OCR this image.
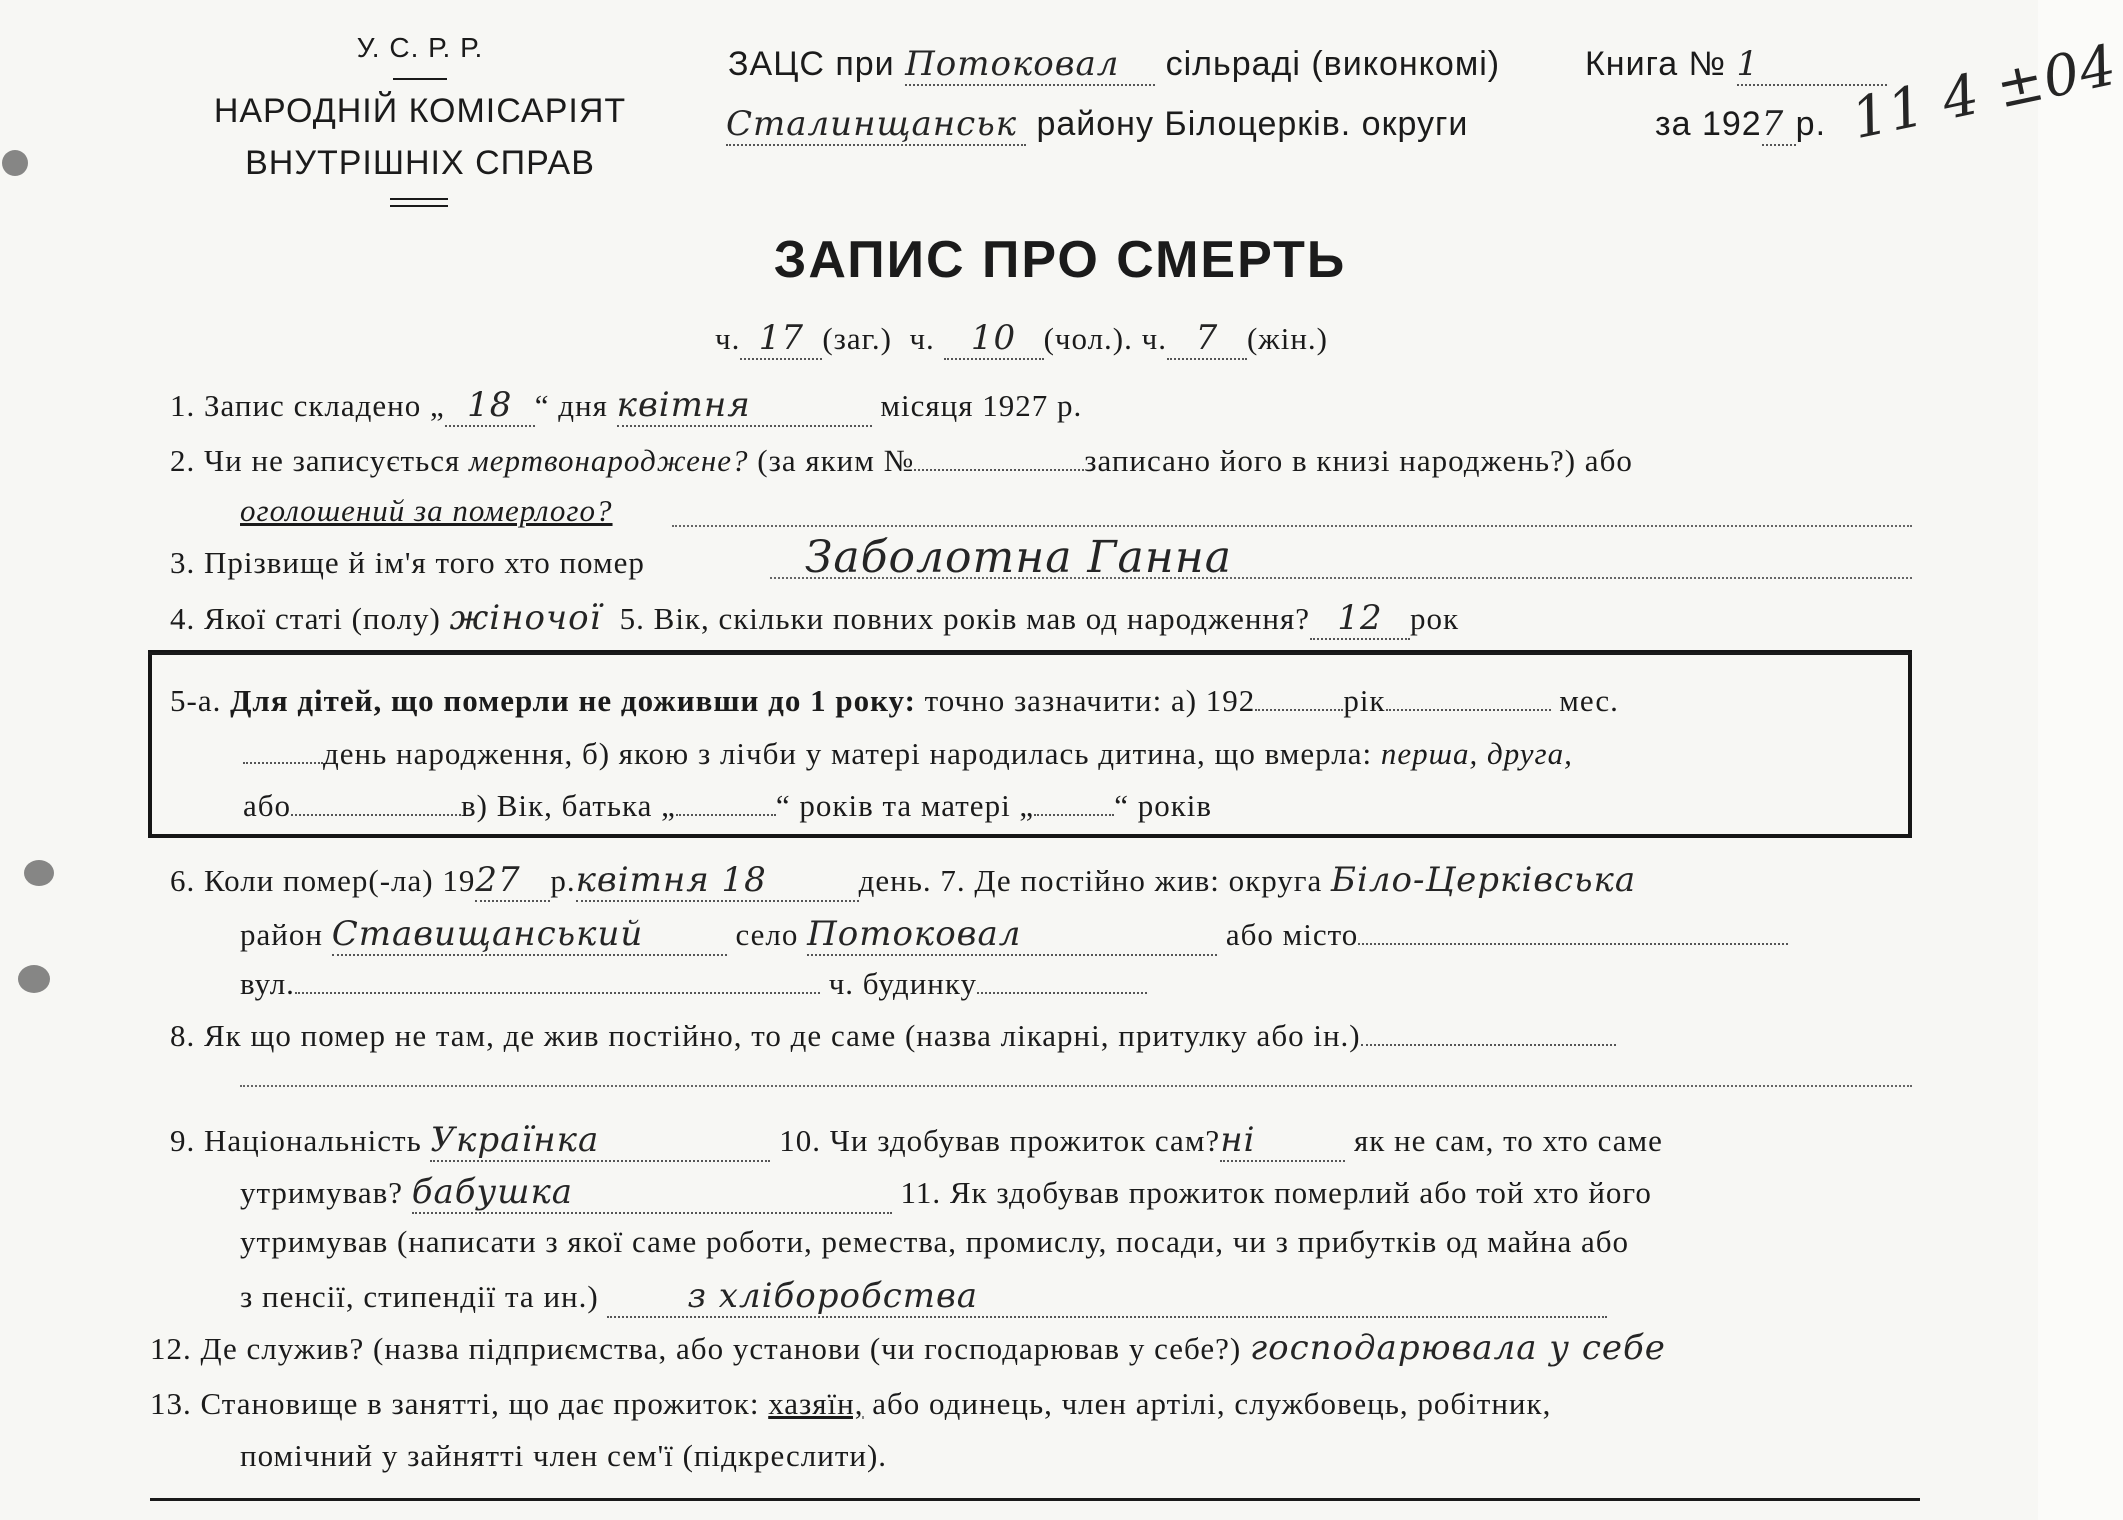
У. С. Р. Р.
НАРОДНІЙ КОМІСАРІЯТ
ВНУТРІШНІХ СПРАВ
ЗАЦС при Потоковал сільраді (виконкомі)
Сталинщанськ району Білоцерків. округи
Книга № 1
за 1927 р. 11 4 ±04
ЗАПИС ПРО СМЕРТЬ
ч. 17 (заг.) ч. 10 (чол.). ч. 7 (жін.)
1. Запис складено „ 18 “ дня квітня	місяця 1927 р.
2. Чи не записується мертвонароджене? (за яким №	записано його в книзі народжень?) або
оголошений за померлого?
3. Прізвище й ім'я того хто помер	Заболотна Ганна
4. Якої статі (полу) жіночої 5. Вік, скільки повних років мав од народження? 12 рок
5-а. Для дітей, що померли не доживши до 1 року: точно зазначити: а) 192	рік	мес.
день народження, б) якою з лічби у матері народилась дитина, що вмерла: перша, друга,
або	в) Вік, батька „	“ років та матері „	“ років
6. Коли помер(-ла) 1927 р.квітня 18	день. 7. Де постійно жив: округа Біло-Церківська
район Ставищанський	село Потоковал	або місто
вул.	ч. будинку
8. Як що помер не там, де жив постійно, то де саме (назва лікарні, притулку або ін.)
9. Національність Українка	10. Чи здобував прожиток сам?ні	як не сам, то хто саме
утримував? бабушка	11. Як здобував прожиток померлий або той хто його
утримував (написати з якої саме роботи, ремества, промислу, посади, чи з прибутків од майна або
з пенсії, стипендії та ин.)	з хліборобства
12. Де служив? (назва підприємства, або установи (чи господарював у себе?) господарювала у себе
13. Становище в занятті, що дає прожиток: хазяїн, або одинець, член артілі, службовець, робітник,
помічний у зайнятті член сем'ї (підкреслити).
